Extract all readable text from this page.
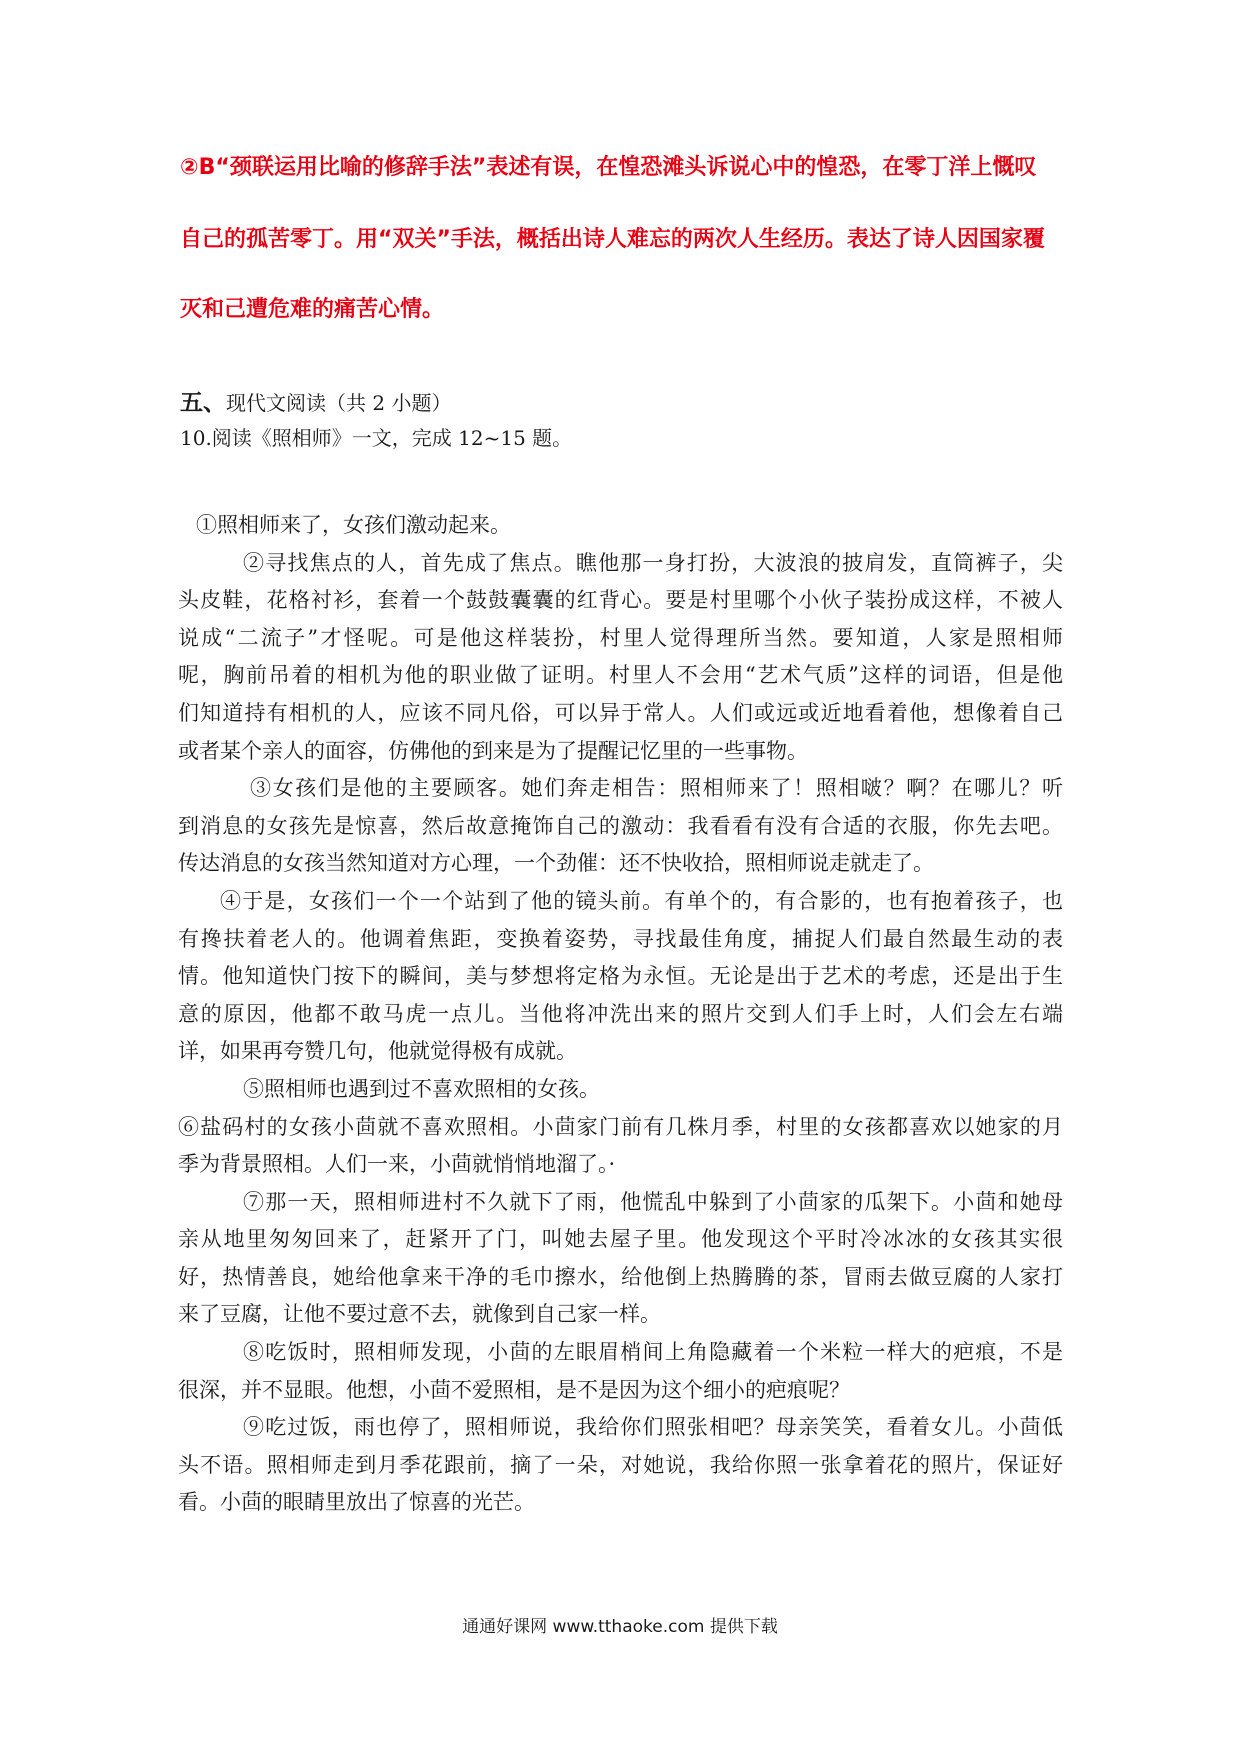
②B“颈联运用比喻的修辞手法”表述有误，在惶恐滩头诉说心中的惶恐，在零丁洋上慨叹
自己的孤苦零丁。用“双关”手法，概括出诗人难忘的两次人生经历。表达了诗人因国家覆
灭和己遭危难的痛苦心情。
五、现代文阅读（共 2 小题）
10.阅读《照相师》一文，完成 12~15 题。
①照相师来了，女孩们激动起来。
②寻找焦点的人，首先成了焦点。瞧他那一身打扮，大波浪的披肩发，直筒裤子，尖
头皮鞋，花格衬衫，套着一个鼓鼓囊囊的红背心。要是村里哪个小伙子装扮成这样，不被人
说成“二流子”才怪呢。可是他这样装扮，村里人觉得理所当然。要知道，人家是照相师
呢，胸前吊着的相机为他的职业做了证明。村里人不会用“艺术气质”这样的词语，但是他
们知道持有相机的人，应该不同凡俗，可以异于常人。人们或远或近地看着他，想像着自己
或者某个亲人的面容，仿佛他的到来是为了提醒记忆里的一些事物。
③女孩们是他的主要顾客。她们奔走相告：照相师来了！照相啵？啊？在哪儿？听
到消息的女孩先是惊喜，然后故意掩饰自己的激动：我看看有没有合适的衣服，你先去吧。
传达消息的女孩当然知道对方心理，一个劲催：还不快收拾，照相师说走就走了。
④于是，女孩们一个一个站到了他的镜头前。有单个的，有合影的，也有抱着孩子，也
有搀扶着老人的。他调着焦距，变换着姿势，寻找最佳角度，捕捉人们最自然最生动的表
情。他知道快门按下的瞬间，美与梦想将定格为永恒。无论是出于艺术的考虑，还是出于生
意的原因，他都不敢马虎一点儿。当他将冲洗出来的照片交到人们手上时，人们会左右端
详，如果再夸赞几句，他就觉得极有成就。
⑤照相师也遇到过不喜欢照相的女孩。
⑥盐码村的女孩小茴就不喜欢照相。小茴家门前有几株月季，村里的女孩都喜欢以她家的月
季为背景照相。人们一来，小茴就悄悄地溜了。·
⑦那一天，照相师进村不久就下了雨，他慌乱中躲到了小茴家的瓜架下。小茴和她母
亲从地里匆匆回来了，赶紧开了门，叫她去屋子里。他发现这个平时冷冰冰的女孩其实很
好，热情善良，她给他拿来干净的毛巾擦水，给他倒上热腾腾的茶，冒雨去做豆腐的人家打
来了豆腐，让他不要过意不去，就像到自己家一样。
⑧吃饭时，照相师发现，小茴的左眼眉梢间上角隐藏着一个米粒一样大的疤痕，不是
很深，并不显眼。他想，小茴不爱照相，是不是因为这个细小的疤痕呢？
⑨吃过饭，雨也停了，照相师说，我给你们照张相吧？母亲笑笑，看着女儿。小茴低
头不语。照相师走到月季花跟前，摘了一朵，对她说，我给你照一张拿着花的照片，保证好
看。小茴的眼睛里放出了惊喜的光芒。
通通好课网 www.tthaoke.com 提供下载
